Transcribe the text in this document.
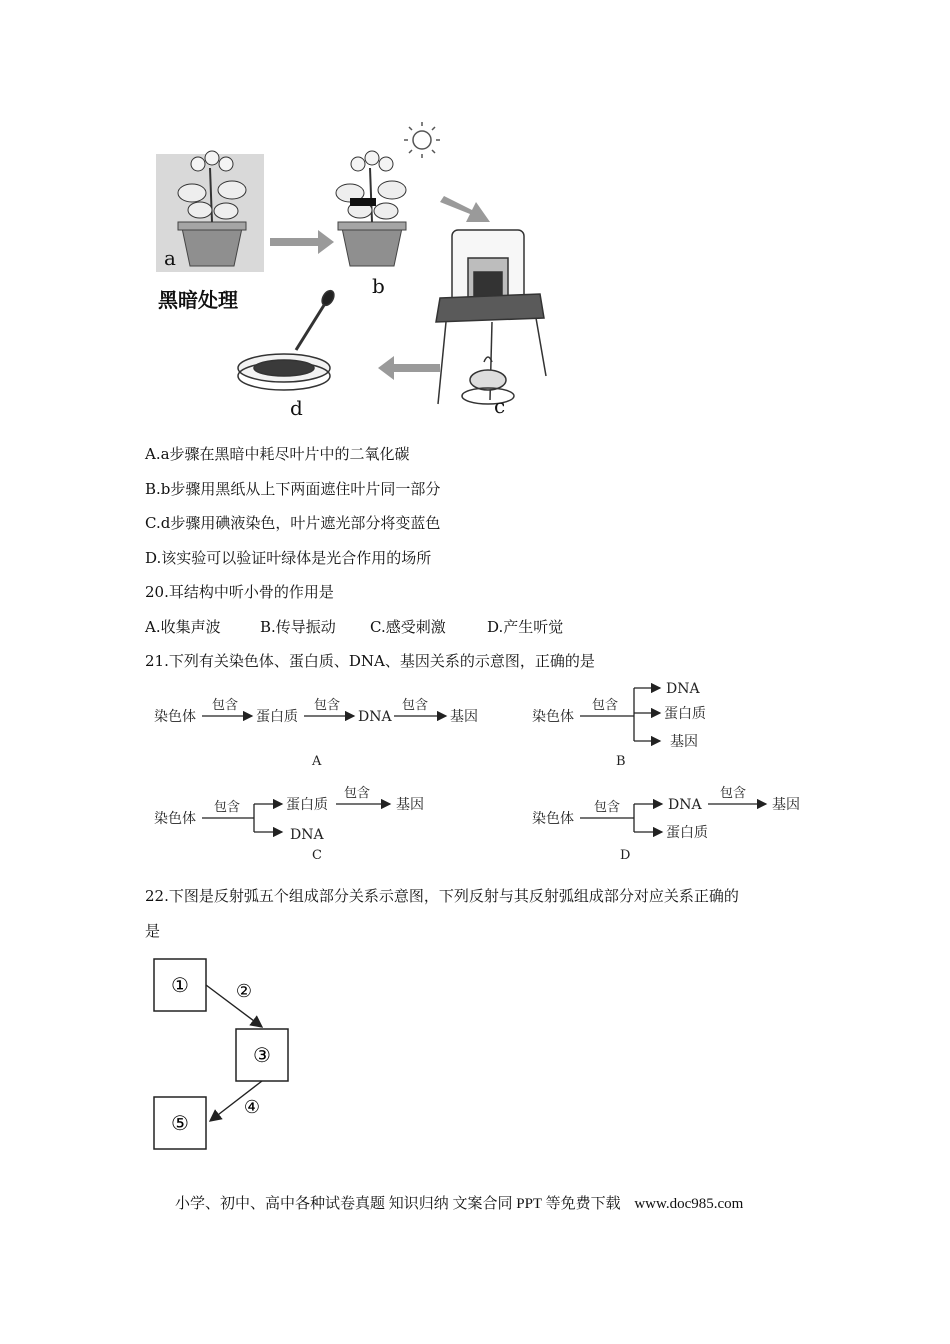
a
b
c
d
黑暗处理
A.a步骤在黑暗中耗尽叶片中的二氧化碳
B.b步骤用黑纸从上下两面遮住叶片同一部分
C.d步骤用碘液染色，叶片遮光部分将变蓝色
D.该实验可以验证叶绿体是光合作用的场所
20.耳结构中听小骨的作用是
A.收集声波	B.传导振动 C.感受刺激	D.产生听觉
21.下列有关染色体、蛋白质、DNA、基因关系的示意图，正确的是
染色体
包含
蛋白质
包含
DNA
包含
基因
A
染色体
包含
DNA
蛋白质
基因
B
染色体
包含	蛋白质
DNA
包含
基因
C
染色体
包含	DNA
蛋白质
包含
基因
D
22.下图是反射弧五个组成部分关系示意图，下列反射与其反射弧组成部分对应关系正确的
是
①	②
③
④
⑤
小学、初中、高中各种试卷真题 知识归纳 文案合同 PPT 等免费下载 www.doc985.com
